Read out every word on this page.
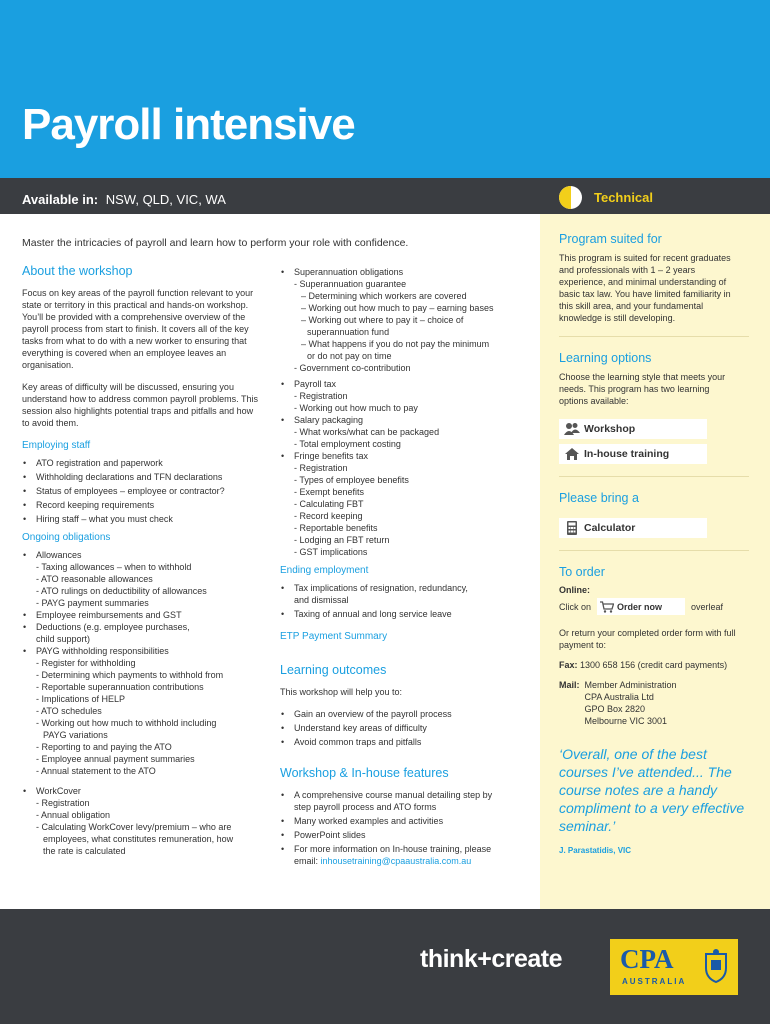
Payroll intensive
Available in: NSW, QLD, VIC, WA	Technical
Master the intricacies of payroll and learn how to perform your role with confidence.
About the workshop

Focus on key areas of the payroll function relevant to your state or territory in this practical and hands-on workshop. You’ll be provided with a comprehensive overview of the payroll process from start to finish. It covers all of the key tasks from what to do with a new worker to ensuring that everything is covered when an employee leaves an organisation.

Key areas of difficulty will be discussed, ensuring you understand how to address common payroll problems. This session also highlights potential traps and pitfalls and how to avoid them.

Employing staff
• ATO registration and paperwork
• Withholding declarations and TFN declarations
• Status of employees – employee or contractor?
• Record keeping requirements
• Hiring staff – what you must check
Ongoing obligations
• Allowances
- Taxing allowances – when to withhold
- ATO reasonable allowances
- ATO rulings on deductibility of allowances
- PAYG payment summaries
• Employee reimbursements and GST
• Deductions (e.g. employee purchases,
child support)
• PAYG withholding responsibilities
- Register for withholding
- Determining which payments to withhold from
- Reportable superannuation contributions
- Implications of HELP
- ATO schedules
- Working out how much to withhold including
PAYG variations
- Reporting to and paying the ATO
- Employee annual payment summaries
- Annual statement to the ATO
• WorkCover
- Registration
- Annual obligation
- Calculating WorkCover levy/premium – who are
employees, what constitutes remuneration, how
the rate is calculated
• Superannuation obligations
- Superannuation guarantee
– Determining which workers are covered
– Working out how much to pay – earning bases
– Working out where to pay it – choice of
superannuation fund
– What happens if you do not pay the minimum
or do not pay on time
- Government co-contribution
• Payroll tax
- Registration
- Working out how much to pay
• Salary packaging
- What works/what can be packaged
- Total employment costing
• Fringe benefits tax
- Registration
- Types of employee benefits
- Exempt benefits
- Calculating FBT
- Record keeping
- Reportable benefits
- Lodging an FBT return
- GST implications
Ending employment
• Tax implications of resignation, redundancy,
and dismissal
• Taxing of annual and long service leave
ETP Payment Summary
Learning outcomes

This workshop will help you to:

• Gain an overview of the payroll process
• Understand key areas of difficulty
• Avoid common traps and pitfalls
Workshop & In-house features
• A comprehensive course manual detailing step by
step payroll process and ATO forms
• Many worked examples and activities
• PowerPoint slides
• For more information on In-house training, please
email: inhousetraining@cpaaustralia.com.au
Program suited for

This program is suited for recent graduates and professionals with 1 – 2 years experience, and minimal understanding of basic tax law. You have limited familiarity in this skill area, and your fundamental knowledge is still developing.

Learning options

Choose the learning style that meets your needs. This program has two learning options available:

Workshop
In-house training
Please bring a
Calculator
To order
Online:
Click on	Order now	overleaf

Or return your completed order form with full payment to:

Fax: 1300 658 156 (credit card payments)
Mail: Member Administration
CPA Australia Ltd
GPO Box 2820
Melbourne VIC 3001
‘Overall, one of the best courses I’ve attended... The course notes are a handy compliment to a very effective seminar.’
J. Parastatidis, VIC
think+create CPA
AUSTRALIA
